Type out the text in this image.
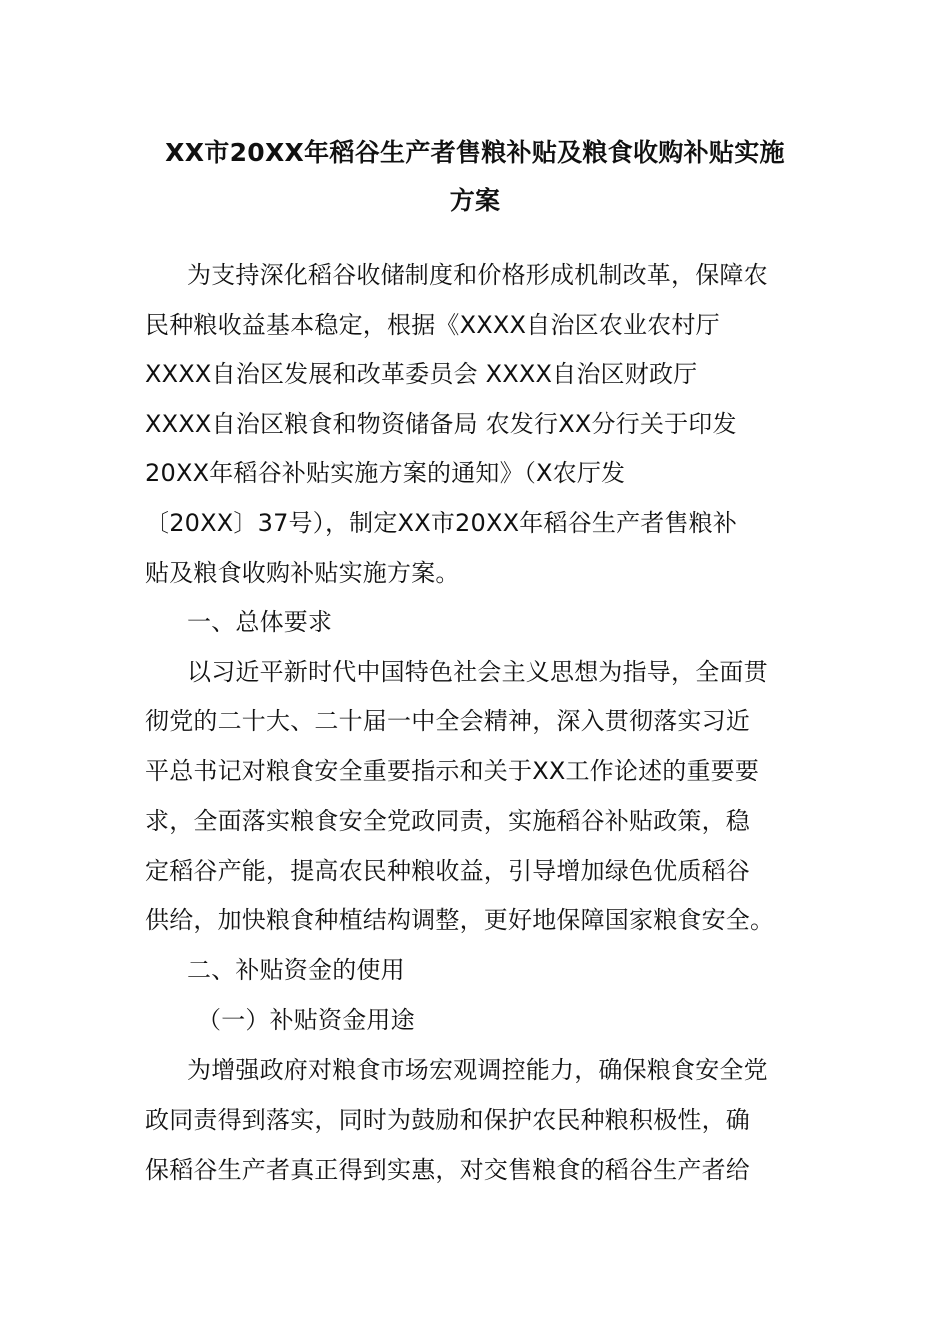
XX市20XX年稻谷生产者售粮补贴及粮食收购补贴实施
方案
为支持深化稻谷收储制度和价格形成机制改革，保障农
民种粮收益基本稳定，根据《XXXX自治区农业农村厅
XXXX自治区发展和改革委员会 XXXX自治区财政厅
XXXX自治区粮食和物资储备局 农发行XX分行关于印发
20XX年稻谷补贴实施方案的通知》（X农厅发
〔20XX〕37号），制定XX市20XX年稻谷生产者售粮补
贴及粮食收购补贴实施方案。
一、总体要求
以习近平新时代中国特色社会主义思想为指导，全面贯
彻党的二十大、二十届一中全会精神，深入贯彻落实习近
平总书记对粮食安全重要指示和关于XX工作论述的重要要
求，全面落实粮食安全党政同责，实施稻谷补贴政策，稳
定稻谷产能，提高农民种粮收益，引导增加绿色优质稻谷
供给，加快粮食种植结构调整，更好地保障国家粮食安全。
二、补贴资金的使用
（一）补贴资金用途
为增强政府对粮食市场宏观调控能力，确保粮食安全党
政同责得到落实，同时为鼓励和保护农民种粮积极性，确
保稻谷生产者真正得到实惠，对交售粮食的稻谷生产者给
